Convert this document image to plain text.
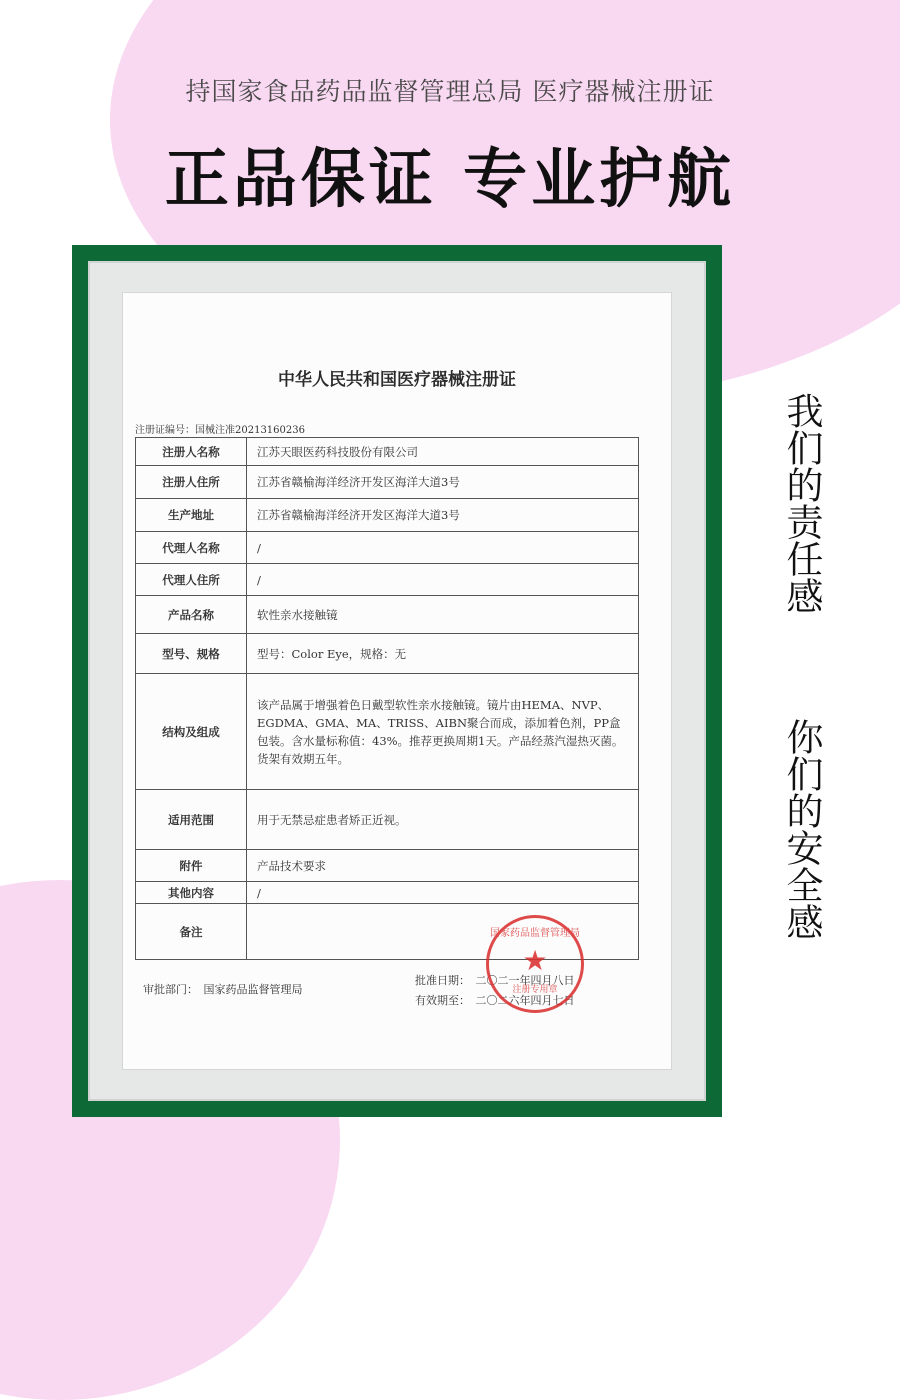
持国家食品药品监督管理总局 医疗器械注册证
正品保证 专业护航
中华人民共和国医疗器械注册证
注册证编号：国械注准20213160236
注册人名称	江苏天眼医药科技股份有限公司
注册人住所	江苏省赣榆海洋经济开发区海洋大道3号
生产地址	江苏省赣榆海洋经济开发区海洋大道3号
代理人名称	/
代理人住所	/
产品名称	软性亲水接触镜
型号、规格	型号：Color Eye，规格：无
结构及组成	该产品属于增强着色日戴型软性亲水接触镜。镜片由HEMA、NVP、EGDMA、GMA、MA、TRISS、AIBN聚合而成，添加着色剂，PP盒包装。含水量标称值：43%。推荐更换周期1天。产品经蒸汽湿热灭菌。货架有效期五年。
适用范围	用于无禁忌症患者矫正近视。
附件	产品技术要求
其他内容	/
备注	
审批部门：　国家药品监督管理局
批准日期：　二〇二一年四月八日
有效期至：　二〇二六年四月七日
国家药品监督管理局
★
注册专用章
我们的责任感
你们的安全感
